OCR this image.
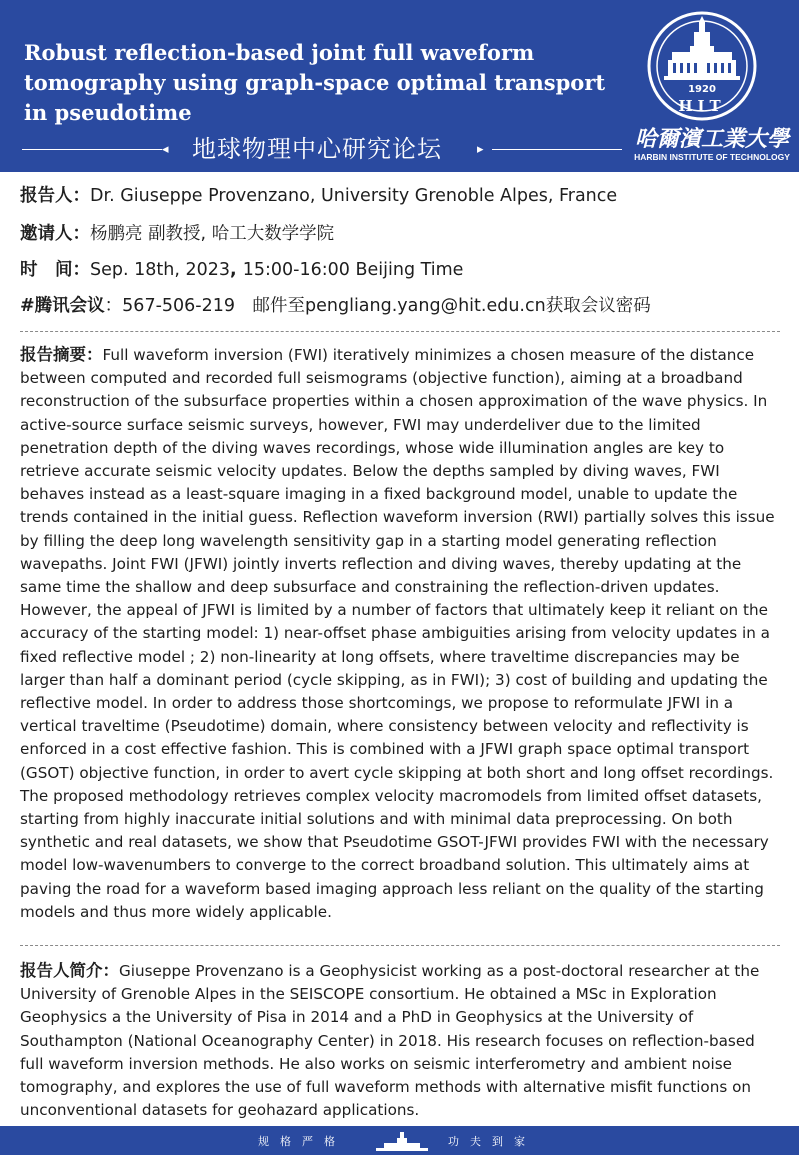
Robust reflection-based joint full waveform tomography using graph-space optimal transport in pseudotime
◂ 地球物理中心研究论坛	▸
1920
HIT
哈爾濱工業大學
HARBIN INSTITUTE OF TECHNOLOGY
报告人：Dr. Giuseppe Provenzano, University Grenoble Alpes, France
邀请人：杨鹏亮 副教授, 哈工大数学学院
时　间：Sep. 18th, 2023, 15:00-16:00 Beijing Time
#腾讯会议：567-506-219　邮件至pengliang.yang@hit.edu.cn获取会议密码
报告摘要：Full waveform inversion (FWI) iteratively minimizes a chosen measure of the distance between computed and recorded full seismograms (objective function), aiming at a broadband reconstruction of the subsurface properties within a chosen approximation of the wave physics. In active-source surface seismic surveys, however, FWI may underdeliver due to the limited penetration depth of the diving waves recordings, whose wide illumination angles are key to retrieve accurate seismic velocity updates. Below the depths sampled by diving waves, FWI behaves instead as a least-square imaging in a fixed background model, unable to update the trends contained in the initial guess. Reflection waveform inversion (RWI) partially solves this issue by filling the deep long wavelength sensitivity gap in a starting model generating reflection wavepaths. Joint FWI (JFWI) jointly inverts reflection and diving waves, thereby updating at the same time the shallow and deep subsurface and constraining the reflection-driven updates. However, the appeal of JFWI is limited by a number of factors that ultimately keep it reliant on the accuracy of the starting model: 1) near-offset phase ambiguities arising from velocity updates in a fixed reflective model ; 2) non-linearity at long offsets, where traveltime discrepancies may be larger than half a dominant period (cycle skipping, as in FWI); 3) cost of building and updating the reflective model. In order to address those shortcomings, we propose to reformulate JFWI in a vertical traveltime (Pseudotime) domain, where consistency between velocity and reflectivity is enforced in a cost effective fashion. This is combined with a JFWI graph space optimal transport (GSOT) objective function, in order to avert cycle skipping at both short and long offset recordings. The proposed methodology retrieves complex velocity macromodels from limited offset datasets, starting from highly inaccurate initial solutions and with minimal data preprocessing. On both synthetic and real datasets, we show that Pseudotime GSOT-JFWI provides FWI with the necessary model low-wavenumbers to converge to the correct broadband solution. This ultimately aims at paving the road for a waveform based imaging approach less reliant on the quality of the starting models and thus more widely applicable.
报告人简介：Giuseppe Provenzano is a Geophysicist working as a post-doctoral researcher at the University of Grenoble Alpes in the SEISCOPE consortium. He obtained a MSc in Exploration Geophysics a the University of Pisa in 2014 and a PhD in Geophysics at the University of Southampton (National Oceanography Center) in 2018. His research focuses on reflection-based full waveform inversion methods. He also works on seismic interferometry and ambient noise tomography, and explores the use of full waveform methods with alternative misfit functions on unconventional datasets for geohazard applications.
规格严格	功夫到家
